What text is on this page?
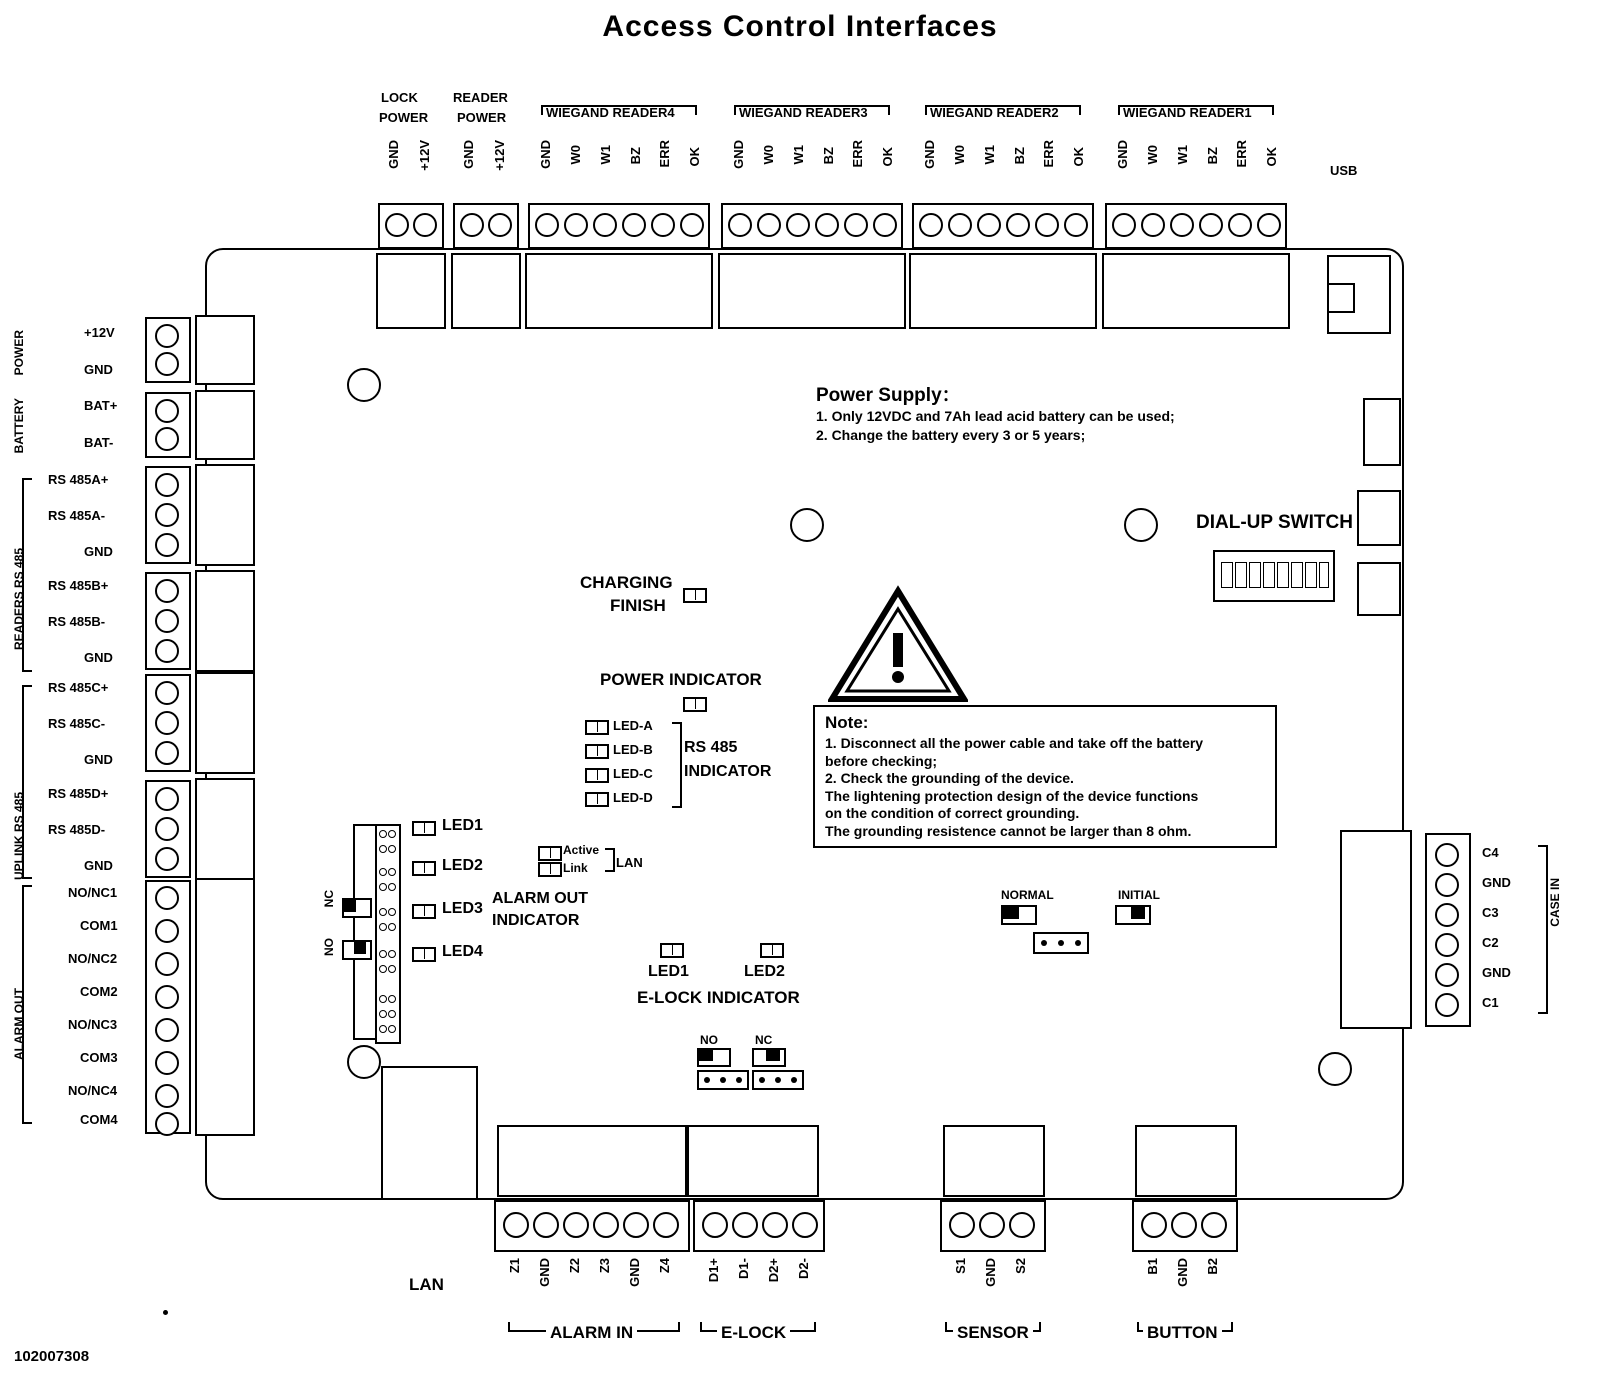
Access Control Interfaces
LOCK
POWER
GND +12V
READER
POWER
GND +12V
WIEGAND READER4
GND W0 W1 BZ ERR OK
WIEGAND READER3
GND W0 W1 BZ ERR OK
WIEGAND READER2
GND W0 W1 BZ ERR OK
WIEGAND READER1
GND W0 W1 BZ ERR OK
USB
POWER	+12V
GND
BATTERY	BAT+
BAT-
READERS RS 485
RS 485A+
RS 485A-
GND
RS 485B+
RS 485B-
GND
UPLINK RS 485
RS 485C+
RS 485C-
GND
RS 485D+
RS 485D-
GND
ALARM OUT
NO/NC1
COM1
NO/NC2
COM2
NO/NC3
COM3
NO/NC4
COM4
Power Supply：
1. Only 12VDC and 7Ah lead acid battery can be used;
2. Change the battery every 3 or 5 years;
DIAL-UP SWITCH
CHARGING
FINISH
POWER INDICATOR
LED-A
LED-B
LED-C
LED-D
RS 485
INDICATOR
Note:
1. Disconnect all the power cable and take off the battery
before checking;
2. Check the grounding of the device.
The lightening protection design of the device functions
on the condition of correct grounding.
The grounding resistence cannot be larger than 8 ohm.
LED1
LED2
LED3
LED4
ALARM OUT
INDICATOR
NC
NO
Active
Link LAN
LED1	LED2
E-LOCK INDICATOR
NO	NC
NORMAL	INITIAL
C4
GND
C3
C2
GND
C1
CASE IN
LAN
Z1 GND Z2 Z3 GND Z4
ALARM IN
D1+ D1- D2+ D2-
E-LOCK
S1 GND S2
SENSOR
B1 GND B2
BUTTON
102007308
